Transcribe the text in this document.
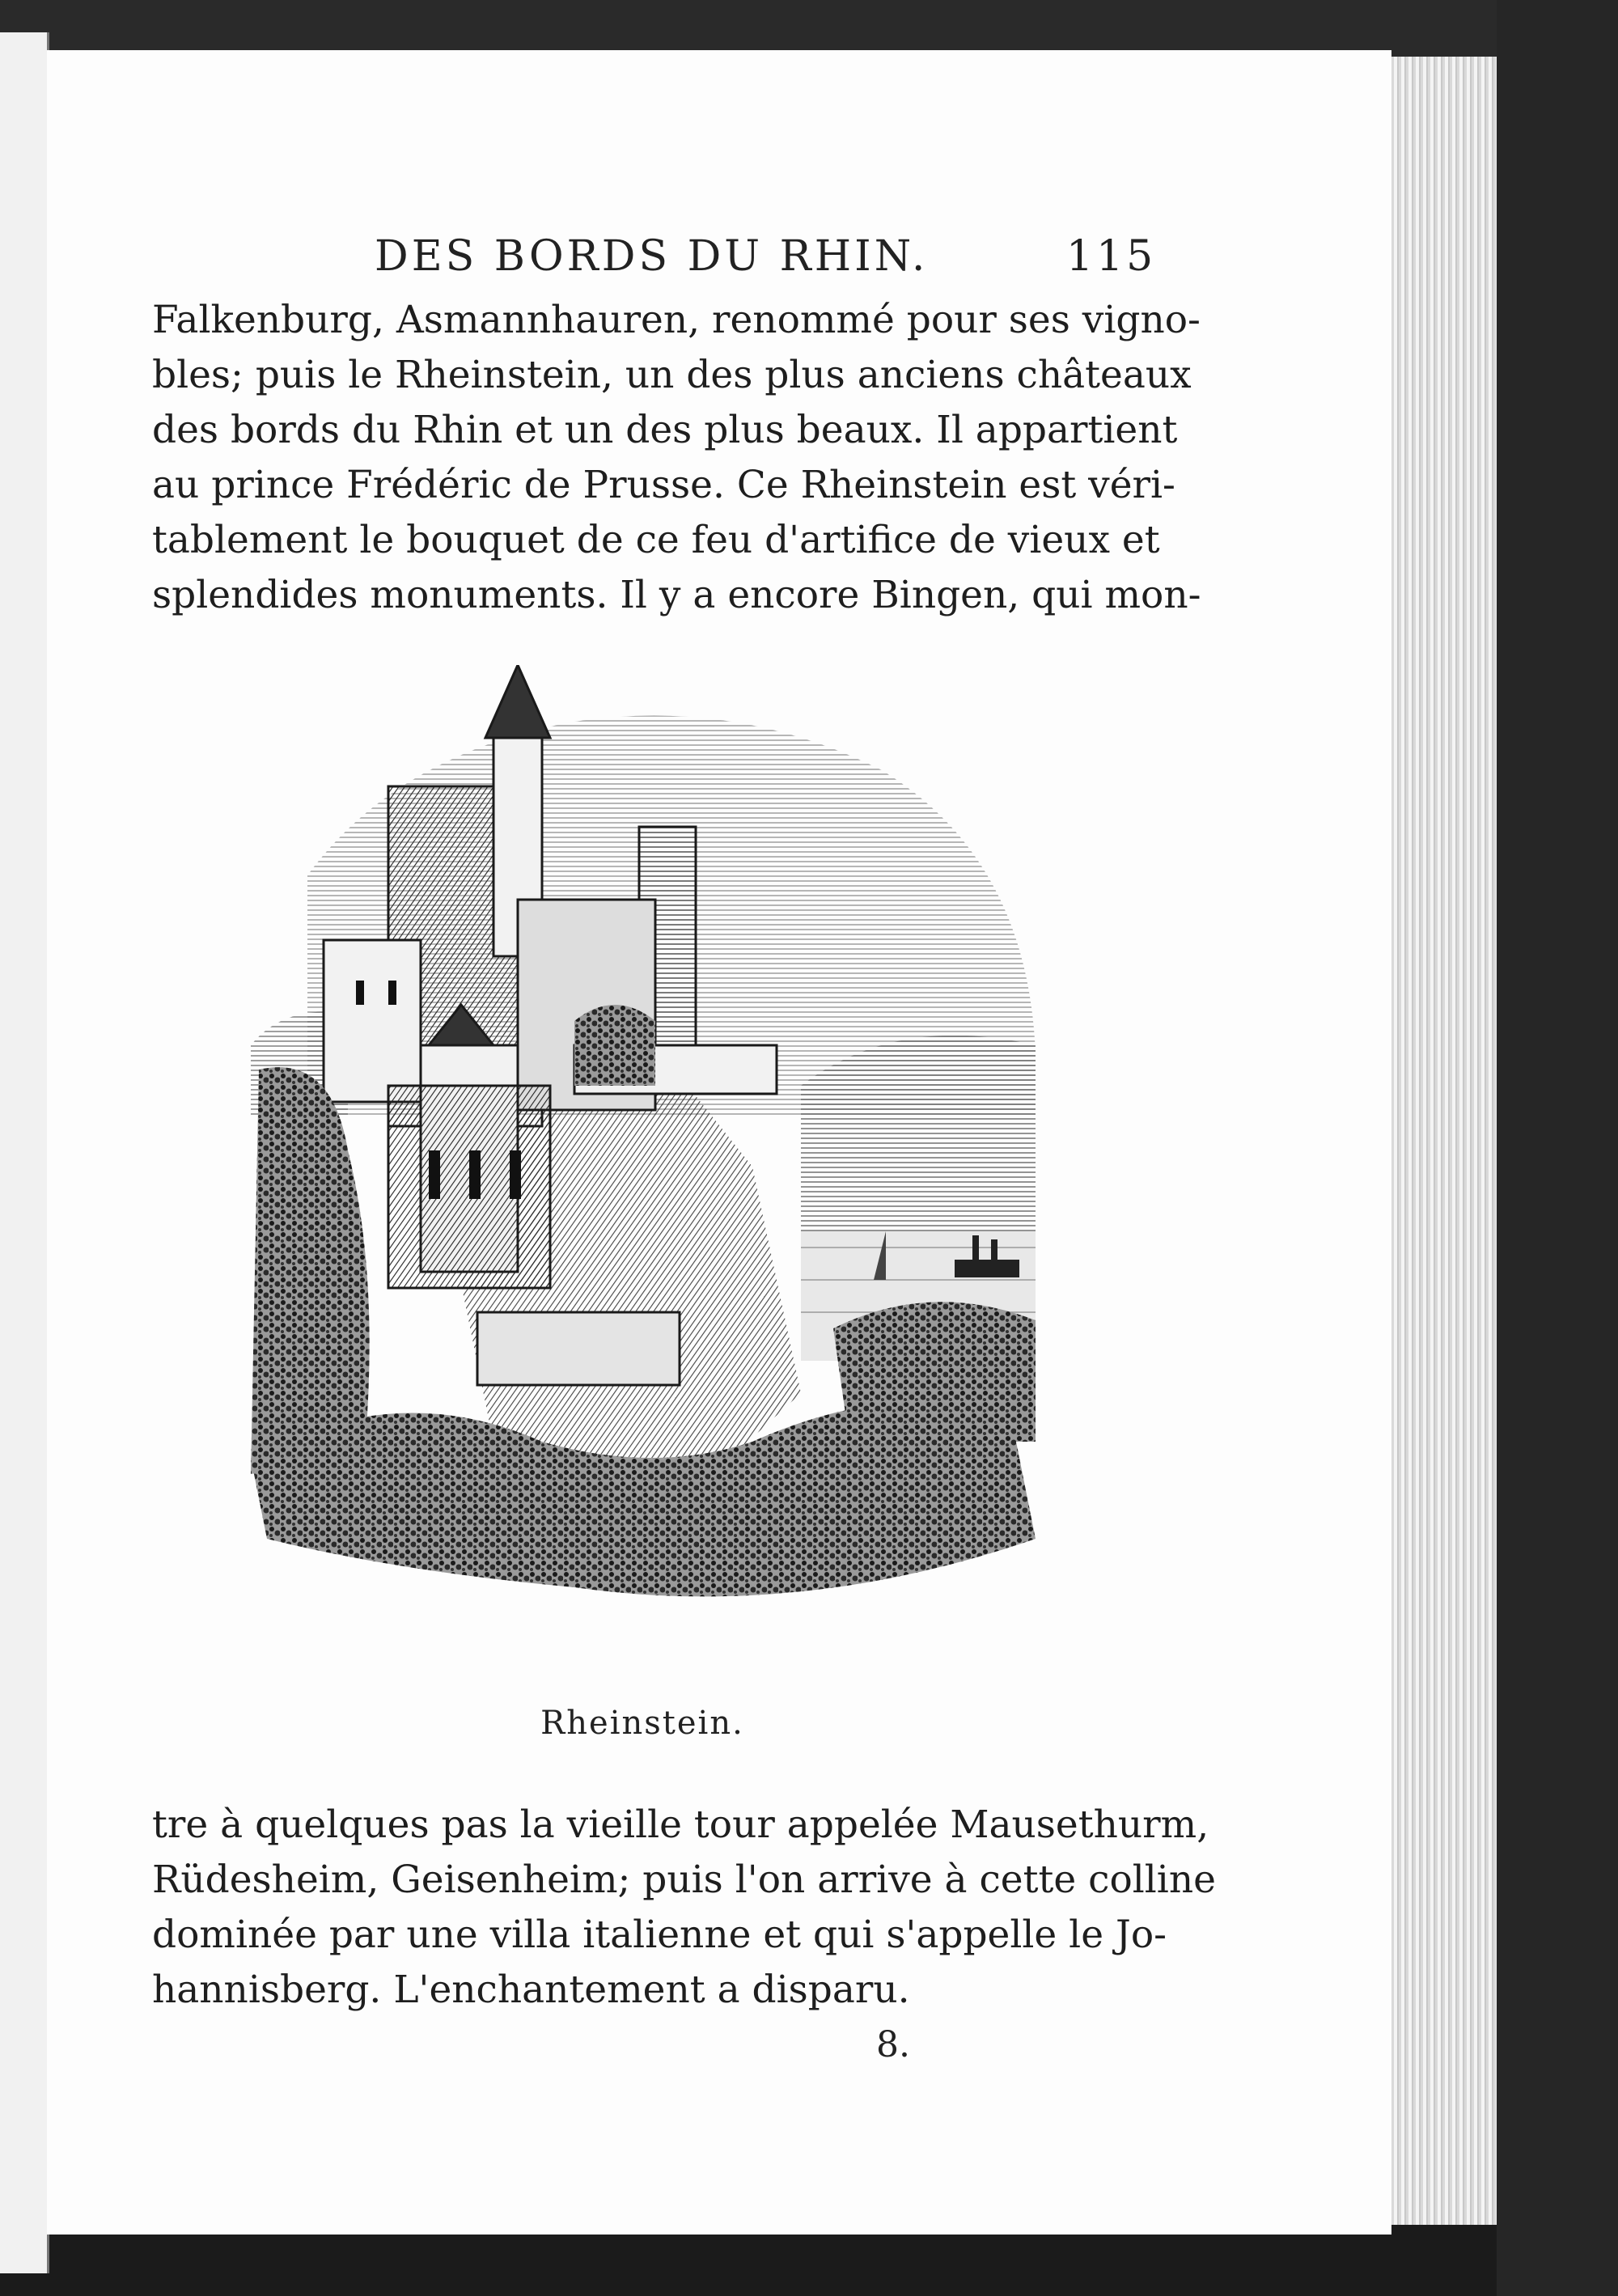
DES BORDS DU RHIN.	115

Falkenburg, Asmannhauren, renommé pour ses vigno-
bles; puis le Rheinstein, un des plus anciens châteaux
des bords du Rhin et un des plus beaux. Il appartient
au prince Frédéric de Prusse. Ce Rheinstein est véri-
tablement le bouquet de ce feu d'artifice de vieux et
splendides monuments. Il y a encore Bingen, qui mon-

Rheinstein.

tre à quelques pas la vieille tour appelée Mausethurm,
Rüdesheim, Geisenheim; puis l'on arrive à cette colline
dominée par une villa italienne et qui s'appelle le Jo-
hannisberg. L'enchantement a disparu.

8.
